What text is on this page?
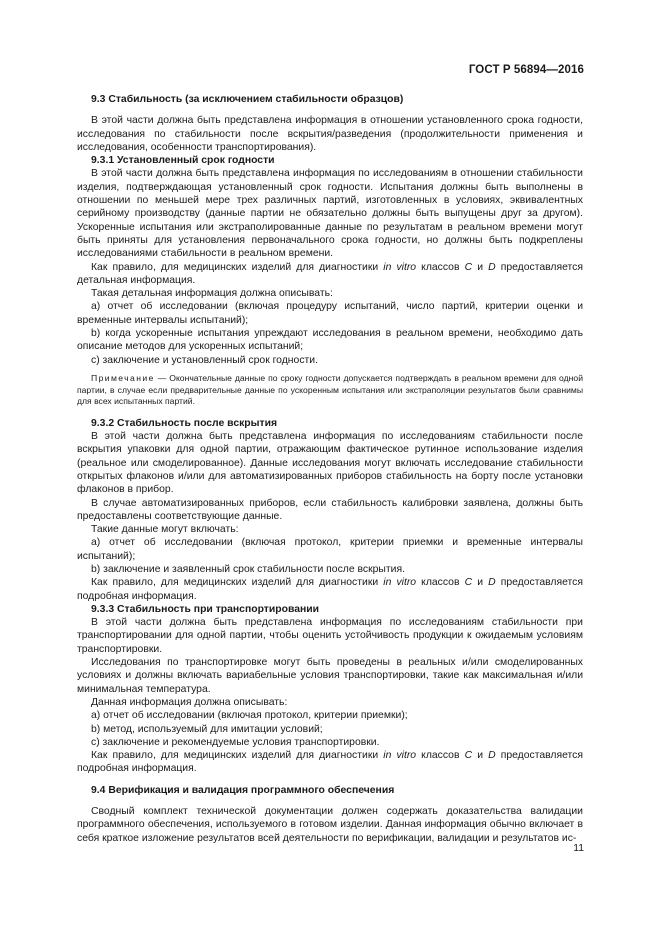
ГОСТ Р 56894—2016

9.3 Стабильность (за исключением стабильности образцов)

В этой части должна быть представлена информация в отношении установленного срока годности, исследования по стабильности после вскрытия/разведения (продолжительности применения и исследования, особенности транспортирования).

9.3.1 Установленный срок годности

В этой части должна быть представлена информация по исследованиям в отношении стабильности изделия, подтверждающая установленный срок годности. Испытания должны быть выполнены в отношении по меньшей мере трех различных партий, изготовленных в условиях, эквивалентных серийному производству (данные партии не обязательно должны быть выпущены друг за другом). Ускоренные испытания или экстраполированные данные по результатам в реальном времени могут быть приняты для установления первоначального срока годности, но должны быть подкреплены исследованиями стабильности в реальном времени.

Как правило, для медицинских изделий для диагностики in vitro классов C и D предоставляется детальная информация.

Такая детальная информация должна описывать:

a) отчет об исследовании (включая процедуру испытаний, число партий, критерии оценки и временные интервалы испытаний);

b) когда ускоренные испытания упреждают исследования в реальном времени, необходимо дать описание методов для ускоренных испытаний;

c) заключение и установленный срок годности.

Примечание — Окончательные данные по сроку годности допускается подтверждать в реальном времени для одной партии, в случае если предварительные данные по ускоренным испытания или экстраполяции результатов были сравнимы для всех испытанных партий.

9.3.2 Стабильность после вскрытия

В этой части должна быть представлена информация по исследованиям стабильности после вскрытия упаковки для одной партии, отражающим фактическое рутинное использование изделия (реальное или смоделированное). Данные исследования могут включать исследование стабильности открытых флаконов и/или для автоматизированных приборов стабильность на борту после установки флаконов в прибор.

В случае автоматизированных приборов, если стабильность калибровки заявлена, должны быть предоставлены соответствующие данные.

Такие данные могут включать:

a) отчет об исследовании (включая протокол, критерии приемки и временные интервалы испытаний);

b) заключение и заявленный срок стабильности после вскрытия.

Как правило, для медицинских изделий для диагностики in vitro классов C и D предоставляется подробная информация.

9.3.3 Стабильность при транспортировании

В этой части должна быть представлена информация по исследованиям стабильности при транспортировании для одной партии, чтобы оценить устойчивость продукции к ожидаемым условиям транспортировки.

Исследования по транспортировке могут быть проведены в реальных и/или смоделированных условиях и должны включать вариабельные условия транспортировки, такие как максимальная и/или минимальная температура.

Данная информация должна описывать:

a) отчет об исследовании (включая протокол, критерии приемки);

b) метод, используемый для имитации условий;

c) заключение и рекомендуемые условия транспортировки.

Как правило, для медицинских изделий для диагностики in vitro классов C и D предоставляется подробная информация.

9.4 Верификация и валидация программного обеспечения

Сводный комплект технической документации должен содержать доказательства валидации программного обеспечения, используемого в готовом изделии. Данная информация обычно включает в себя краткое изложение результатов всей деятельности по верификации, валидации и результатов ис-

11
